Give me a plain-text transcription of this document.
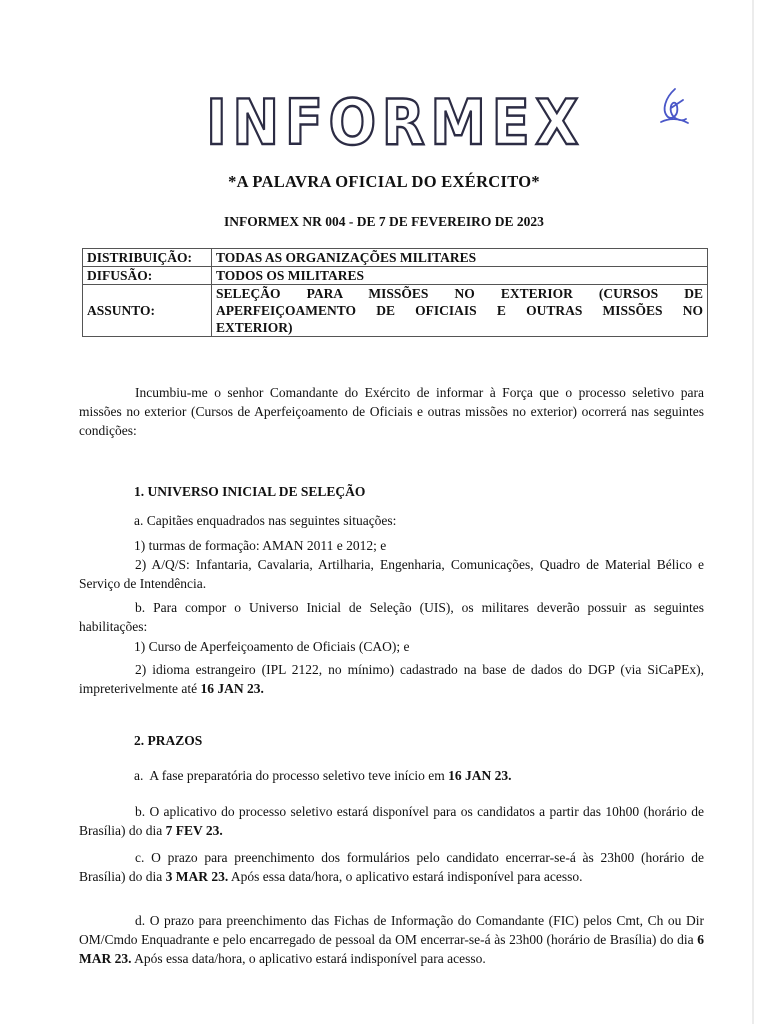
INFORMEX
*A PALAVRA OFICIAL DO EXÉRCITO*
INFORMEX NR 004 - DE 7 DE FEVEREIRO DE 2023
DISTRIBUIÇÃO:	TODAS AS ORGANIZAÇÕES MILITARES
DIFUSÃO:	TODOS OS MILITARES
ASSUNTO:	SELEÇÃO PARA MISSÕES NO EXTERIOR (CURSOS DE
APERFEIÇOAMENTO DE OFICIAIS E OUTRAS MISSÕES NO
EXTERIOR)

Incumbiu-me o senhor Comandante do Exército de informar à Força que o processo seletivo para missões no exterior (Cursos de Aperfeiçoamento de Oficiais e outras missões no exterior) ocorrerá nas seguintes condições:

1. UNIVERSO INICIAL DE SELEÇÃO
a. Capitães enquadrados nas seguintes situações:
1) turmas de formação: AMAN 2011 e 2012; e

2) A/Q/S: Infantaria, Cavalaria, Artilharia, Engenharia, Comunicações, Quadro de Material Bélico e Serviço de Intendência.

b. Para compor o Universo Inicial de Seleção (UIS), os militares deverão possuir as seguintes habilitações:

1) Curso de Aperfeiçoamento de Oficiais (CAO); e

2) idioma estrangeiro (IPL 2122, no mínimo) cadastrado na base de dados do DGP (via SiCaPEx), impreterivelmente até 16 JAN 23.

2. PRAZOS
a.  A fase preparatória do processo seletivo teve início em 16 JAN 23.

b. O aplicativo do processo seletivo estará disponível para os candidatos a partir das 10h00 (horário de Brasília) do dia 7 FEV 23.

c. O prazo para preenchimento dos formulários pelo candidato encerrar-se-á às 23h00 (horário de Brasília) do dia 3 MAR 23. Após essa data/hora, o aplicativo estará indisponível para acesso.

d. O prazo para preenchimento das Fichas de Informação do Comandante (FIC) pelos Cmt, Ch ou Dir OM/Cmdo Enquadrante e pelo encarregado de pessoal da OM encerrar-se-á às 23h00 (horário de Brasília) do dia 6 MAR 23. Após essa data/hora, o aplicativo estará indisponível para acesso.
